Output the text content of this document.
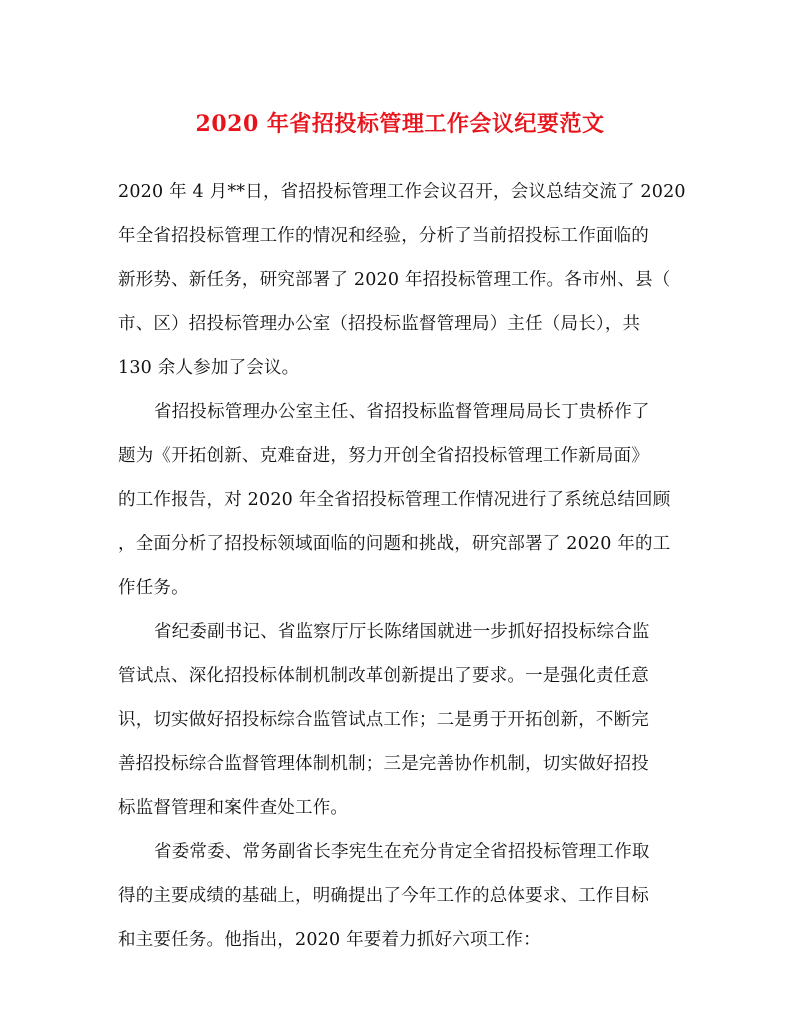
2020 年省招投标管理工作会议纪要范文
2020 年 4 月**日，省招投标管理工作会议召开，会议总结交流了 2020
年全省招投标管理工作的情况和经验，分析了当前招投标工作面临的
新形势、新任务，研究部署了 2020 年招投标管理工作。各市州、县（
市、区）招投标管理办公室（招投标监督管理局）主任（局长），共
130 余人参加了会议。
省招投标管理办公室主任、省招投标监督管理局局长丁贵桥作了
题为《开拓创新、克难奋进，努力开创全省招投标管理工作新局面》
的工作报告，对 2020 年全省招投标管理工作情况进行了系统总结回顾
，全面分析了招投标领域面临的问题和挑战，研究部署了 2020 年的工
作任务。
省纪委副书记、省监察厅厅长陈绪国就进一步抓好招投标综合监
管试点、深化招投标体制机制改革创新提出了要求。一是强化责任意
识，切实做好招投标综合监管试点工作；二是勇于开拓创新，不断完
善招投标综合监督管理体制机制；三是完善协作机制，切实做好招投
标监督管理和案件查处工作。
省委常委、常务副省长李宪生在充分肯定全省招投标管理工作取
得的主要成绩的基础上，明确提出了今年工作的总体要求、工作目标
和主要任务。他指出，2020 年要着力抓好六项工作：
